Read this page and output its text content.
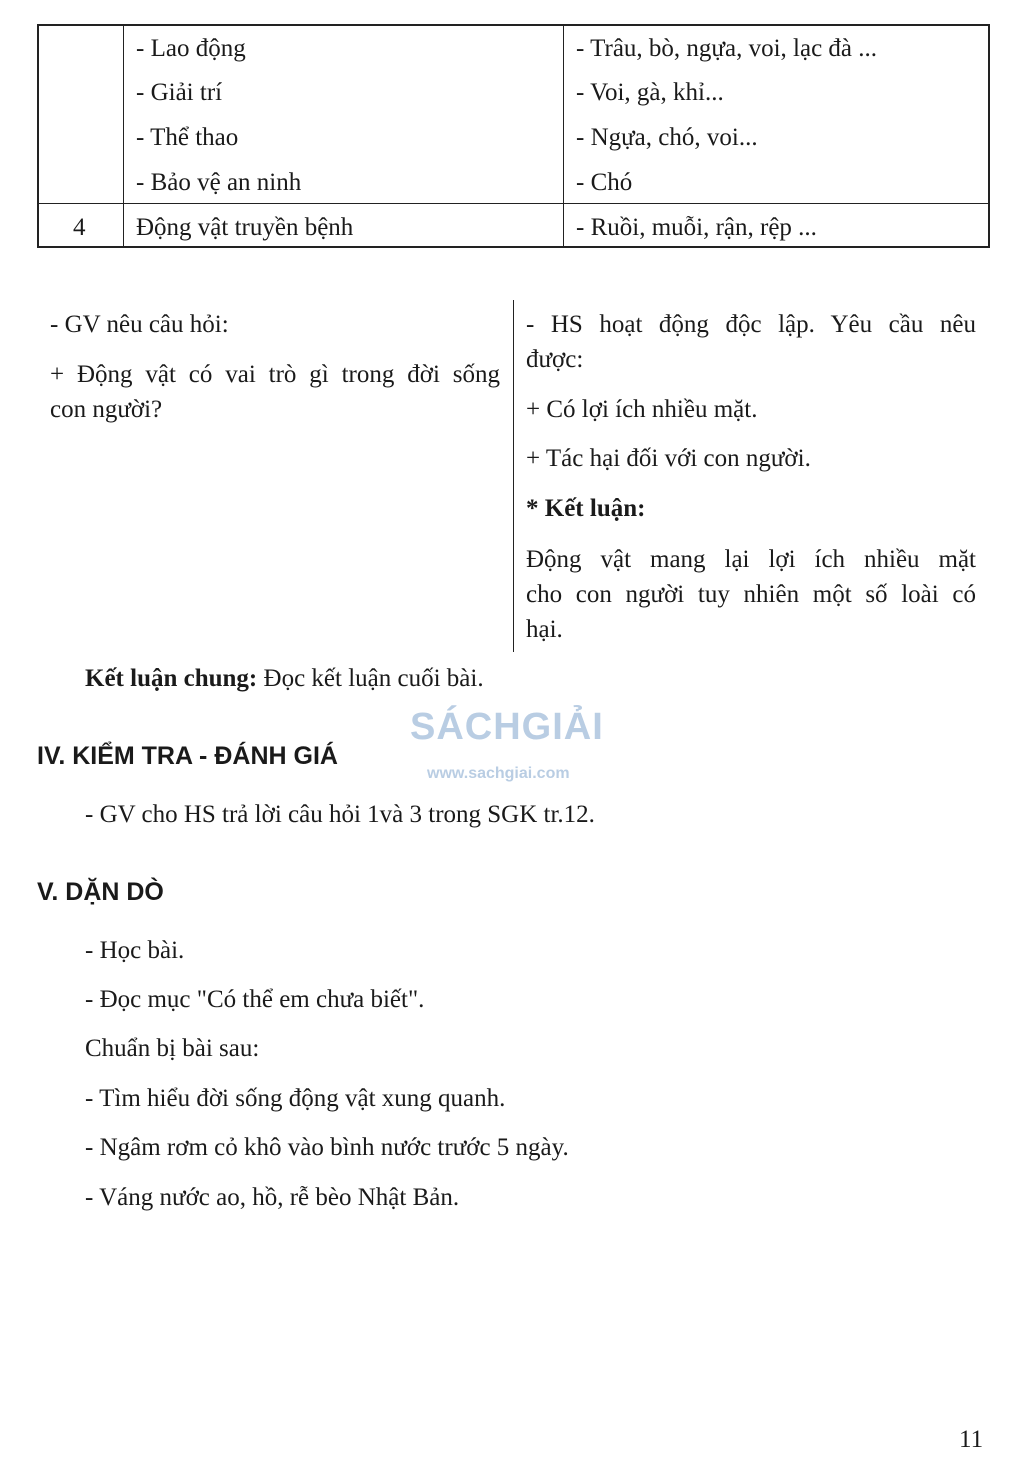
- Lao động
- Giải trí
- Thể thao
- Bảo vệ an ninh
- Trâu, bò, ngựa, voi, lạc đà ...
- Voi, gà, khỉ...
- Ngựa, chó, voi...
- Chó
4 Động vật truyền bệnh	- Ruồi, muỗi, rận, rệp ...
- GV nêu câu hỏi:
+ Động vật có vai trò gì trong đời sống
con người?
- HS hoạt động độc lập. Yêu cầu nêu
được:
+ Có lợi ích nhiều mặt.
+ Tác hại đối với con người.
* Kết luận:
Động vật mang lại lợi ích nhiều mặt
cho con người tuy nhiên một số loài có
hại.
Kết luận chung: Đọc kết luận cuối bài.
SÁCHGIẢI
www.sachgiai.com
IV. KIỂM TRA - ĐÁNH GIÁ
- GV cho HS trả lời câu hỏi 1và 3 trong SGK tr.12.
V. DẶN DÒ
- Học bài.
- Đọc mục "Có thể em chưa biết".
Chuẩn bị bài sau:
- Tìm hiểu đời sống động vật xung quanh.
- Ngâm rơm cỏ khô vào bình nước trước 5 ngày.
- Váng nước ao, hồ, rễ bèo Nhật Bản.
11
